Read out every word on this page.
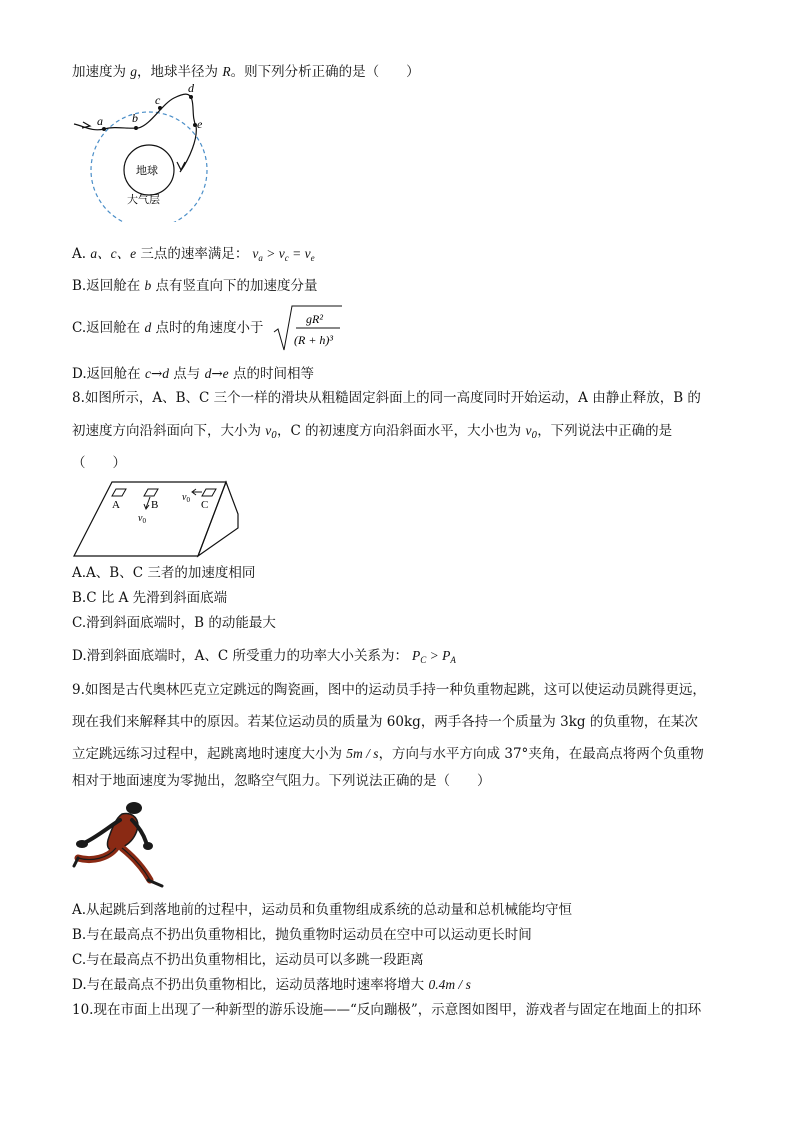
加速度为 g，地球半径为 R。则下列分析正确的是（　　）
a b
c
d
e
地球
大气层
A. a、c、e 三点的速率满足： $v_a > v_c = v_e$
B.返回舱在 b 点有竖直向下的加速度分量
C.返回舱在 d 点时的角速度小于
gR²
(R + h)³
D.返回舱在 c→d 点与 d→e 点的时间相等
8.如图所示，A、B、C 三个一样的滑块从粗糙固定斜面上的同一高度同时开始运动，A 由静止释放，B 的
初速度方向沿斜面向下，大小为 $v_0$，C 的初速度方向沿斜面水平，大小也为 $v_0$，下列说法中正确的是
（　　）
A	B	C
$v_0$
$v_0$
A.A、B、C 三者的加速度相同
B.C 比 A 先滑到斜面底端
C.滑到斜面底端时，B 的动能最大
D.滑到斜面底端时，A、C 所受重力的功率大小关系为： $P_C > P_A$
9.如图是古代奥林匹克立定跳远的陶瓷画，图中的运动员手持一种负重物起跳，这可以使运动员跳得更远，
现在我们来解释其中的原因。若某位运动员的质量为 60kg，两手各持一个质量为 3kg 的负重物，在某次
立定跳远练习过程中，起跳离地时速度大小为 5m / s，方向与水平方向成 37°夹角，在最高点将两个负重物
相对于地面速度为零抛出，忽略空气阻力。下列说法正确的是（　　）
A.从起跳后到落地前的过程中，运动员和负重物组成系统的总动量和总机械能均守恒
B.与在最高点不扔出负重物相比，抛负重物时运动员在空中可以运动更长时间
C.与在最高点不扔出负重物相比，运动员可以多跳一段距离
D.与在最高点不扔出负重物相比，运动员落地时速率将增大 0.4m / s
10.现在市面上出现了一种新型的游乐设施——“反向蹦极”，示意图如图甲，游戏者与固定在地面上的扣环
